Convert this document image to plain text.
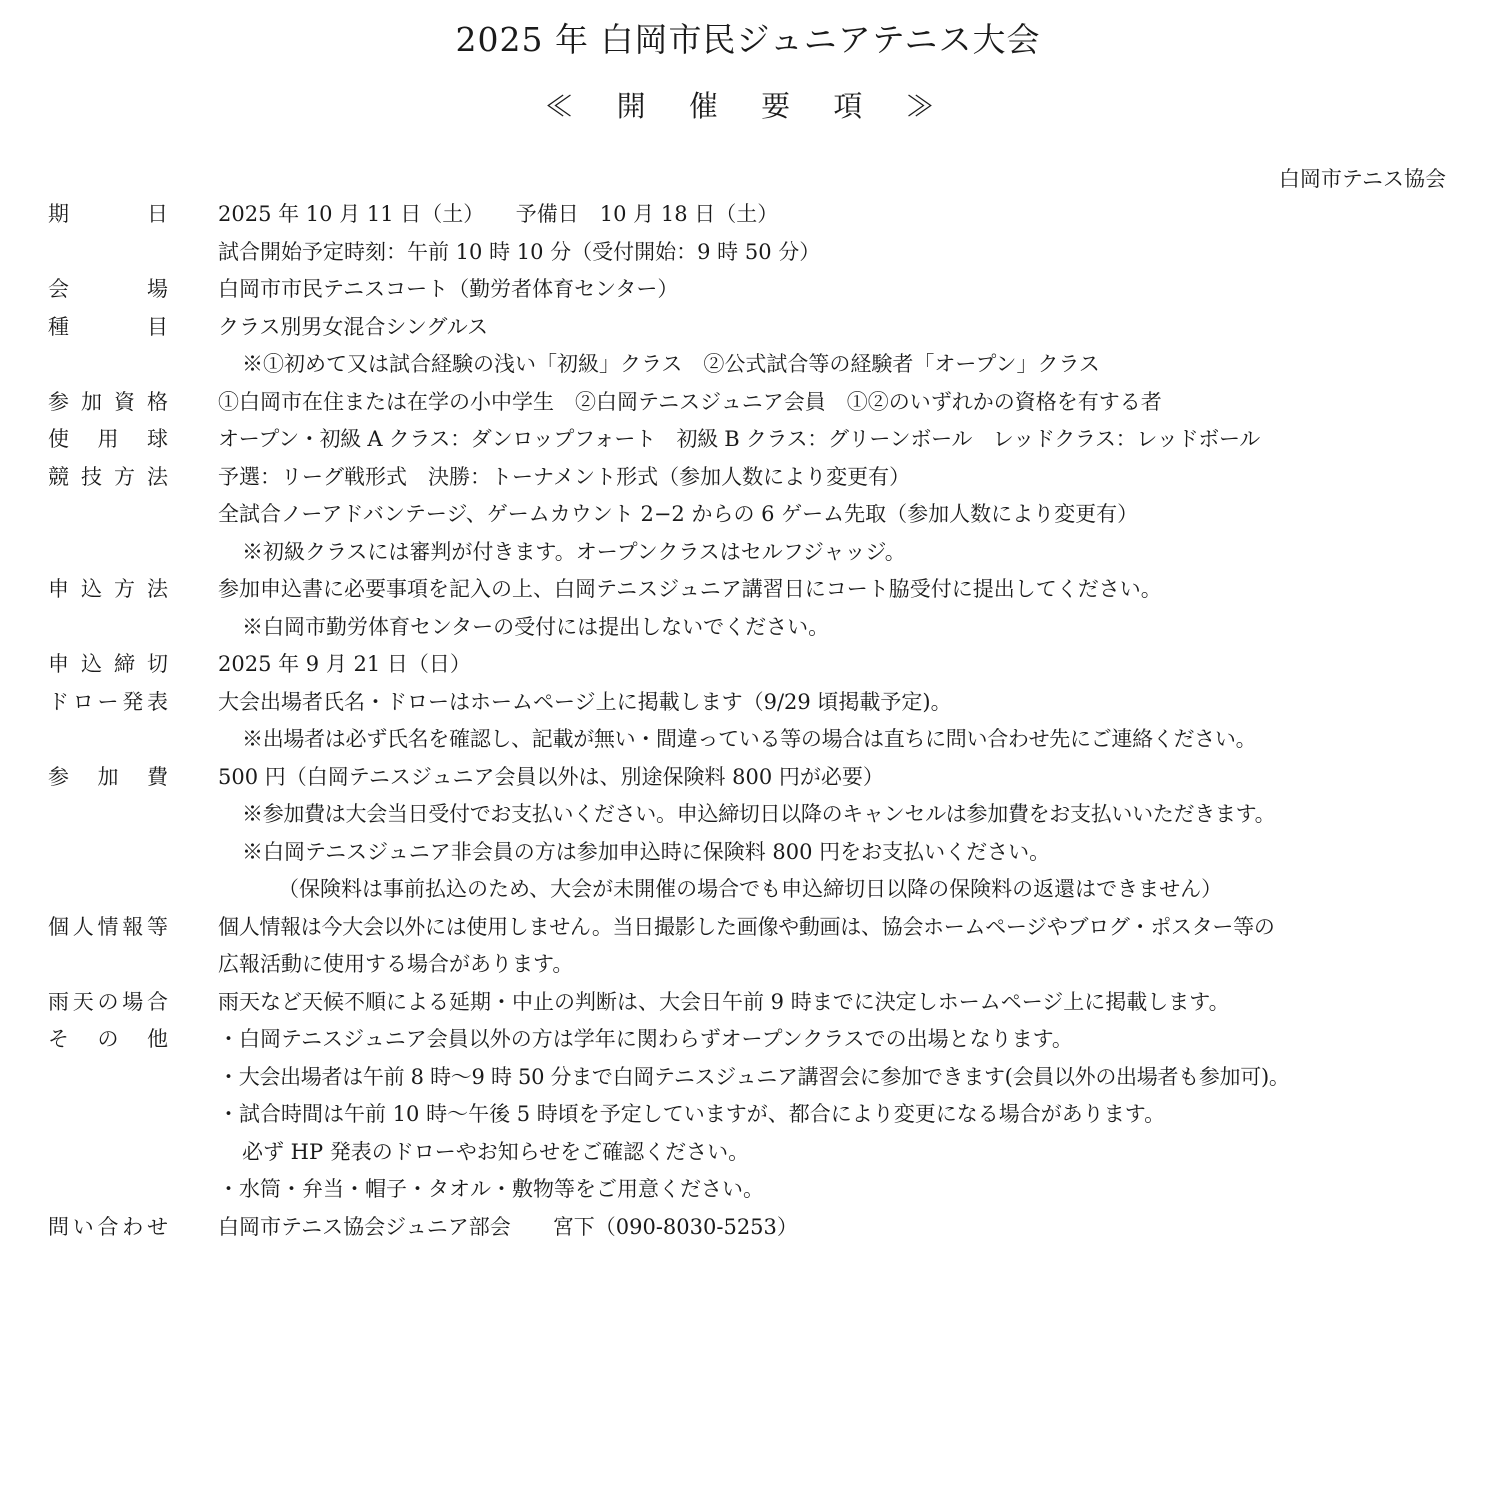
2025 年 白岡市民ジュニアテニス大会
≪ 開 催 要 項 ≫
白岡市テニス協会
期 日 2025 年 10 月 11 日（土）　　予備日　10 月 18 日（土）
試合開始予定時刻：午前 10 時 10 分（受付開始：9 時 50 分）
会 場 白岡市市民テニスコート（勤労者体育センター）
種 目 クラス別男女混合シングルス
※①初めて又は試合経験の浅い「初級」クラス　②公式試合等の経験者「オープン」クラス
参加資格 ①白岡市在住または在学の小中学生　②白岡テニスジュニア会員　①②のいずれかの資格を有する者
使用球 オープン・初級 A クラス：ダンロップフォート　初級 B クラス：グリーンボール　レッドクラス：レッドボール
競技方法 予選：リーグ戦形式　決勝：トーナメント形式（参加人数により変更有）
全試合ノーアドバンテージ、ゲームカウント 2−2 からの 6 ゲーム先取（参加人数により変更有）
※初級クラスには審判が付きます。オープンクラスはセルフジャッジ。
申込方法 参加申込書に必要事項を記入の上、白岡テニスジュニア講習日にコート脇受付に提出してください。
※白岡市勤労体育センターの受付には提出しないでください。
申込締切 2025 年 9 月 21 日（日）
ドロー発表 大会出場者氏名・ドローはホームページ上に掲載します（9/29 頃掲載予定)。
※出場者は必ず氏名を確認し、記載が無い・間違っている等の場合は直ちに問い合わせ先にご連絡ください。
参加費 500 円（白岡テニスジュニア会員以外は、別途保険料 800 円が必要）
※参加費は大会当日受付でお支払いください。申込締切日以降のキャンセルは参加費をお支払いいただきます。
※白岡テニスジュニア非会員の方は参加申込時に保険料 800 円をお支払いください。
（保険料は事前払込のため、大会が未開催の場合でも申込締切日以降の保険料の返還はできません）
個人情報等 個人情報は今大会以外には使用しません。当日撮影した画像や動画は、協会ホームページやブログ・ポスター等の
広報活動に使用する場合があります。
雨天の場合 雨天など天候不順による延期・中止の判断は、大会日午前 9 時までに決定しホームページ上に掲載します。
そ の 他 ・白岡テニスジュニア会員以外の方は学年に関わらずオープンクラスでの出場となります。
・大会出場者は午前 8 時〜9 時 50 分まで白岡テニスジュニア講習会に参加できます(会員以外の出場者も参加可)。
・試合時間は午前 10 時〜午後 5 時頃を予定していますが、都合により変更になる場合があります。
必ず HP 発表のドローやお知らせをご確認ください。
・水筒・弁当・帽子・タオル・敷物等をご用意ください。
問い合わせ 白岡市テニス協会ジュニア部会　　宮下（090-8030-5253）
